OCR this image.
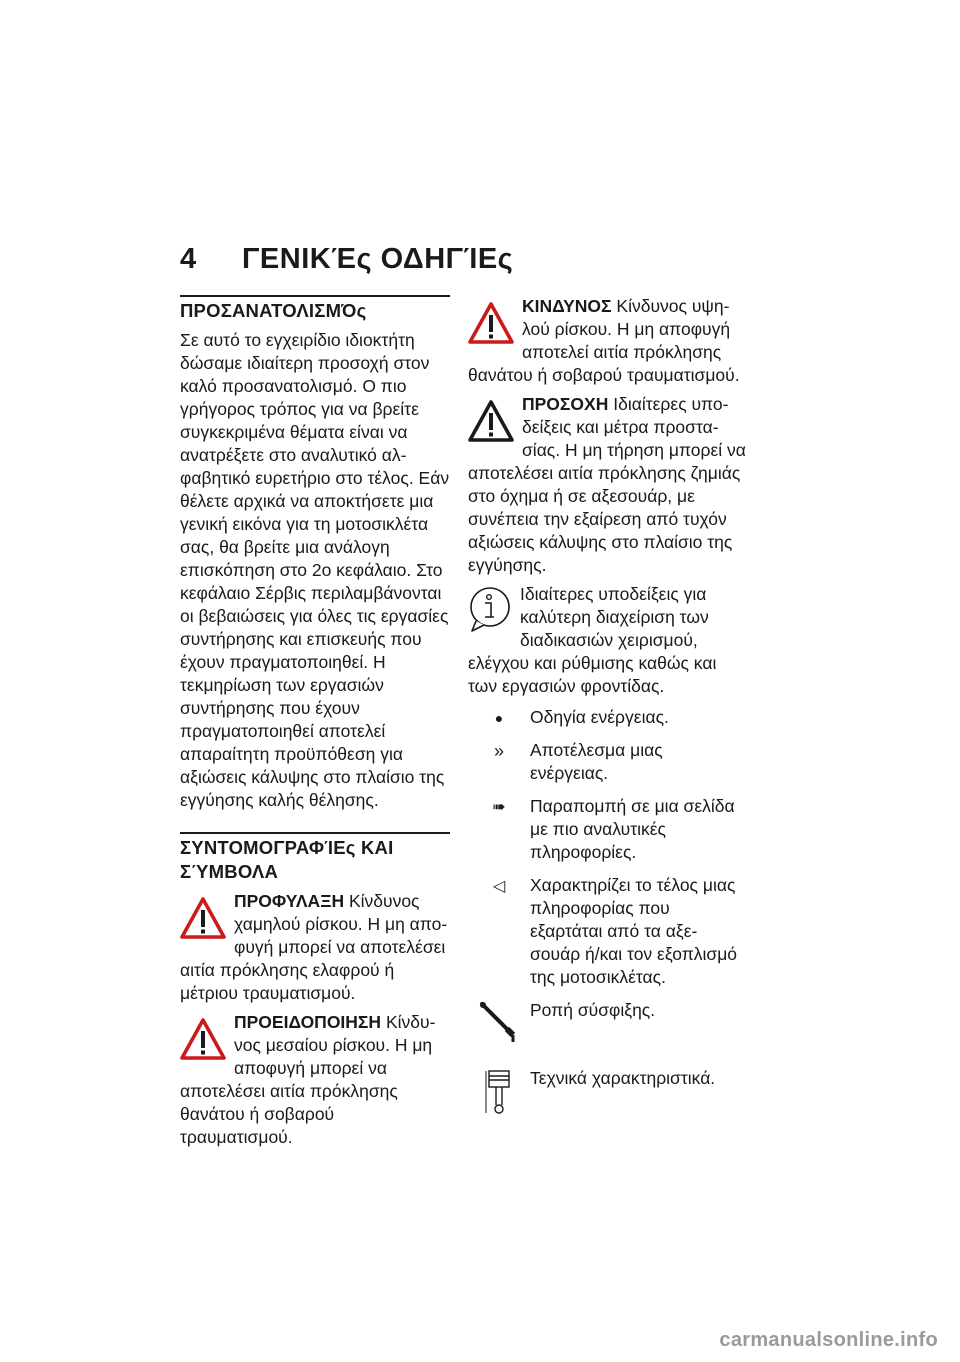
4 ΓΕΝΙΚΈς ΟΔΗΓΊΕς
ΠΡΟΣΑΝΑΤΟΛΙΣΜΌς

Σε αυτό το εγχειρίδιο ιδιοκτήτη δώσαμε ιδιαίτερη προσοχή στον καλό προσανατολισμό. Ο πιο γρήγορος τρόπος για να βρείτε συγκεκριμένα θέματα είναι να ανατρέξετε στο αναλυτικό αλφαβητικό ευρετήριο στο τέλος. Εάν θέλετε αρχικά να αποκτήσετε μια γενική εικόνα για τη μοτοσικλέτα σας, θα βρείτε μια ανάλογη επισκόπηση στο 2ο κεφάλαιο. Στο κεφάλαιο Σέρβις περιλαμβάνονται οι βεβαιώσεις για όλες τις εργασίες συντήρησης και επισκευής που έχουν πραγματοποιηθεί. Η τεκμηρίωση των εργασιών συντήρησης που έχουν πραγματοποιηθεί αποτελεί απαραίτητη προϋπόθεση για αξιώσεις κάλυψης στο πλαίσιο της εγγύησης καλής θέλησης.

ΣΥΝΤΟΜΟΓΡΑΦΊΕς ΚΑΙ ΣΎΜΒΟΛΑ
ΠΡΟΦΥΛΑΞΗ Κίνδυνος χαμηλού ρίσκου. Η μη αποφυγή μπορεί να αποτελέσει αιτία πρόκλησης ελαφρού ή μέτριου τραυματισμού.
ΠΡΟΕΙΔΟΠΟΙΗΣΗ Κίνδυνος μεσαίου ρίσκου. Η μη αποφυγή μπορεί να αποτελέσει αιτία πρόκλησης θανάτου ή σοβαρού τραυματισμού.
ΚΙΝΔΥΝΟΣ Κίνδυνος υψηλού ρίσκου. Η μη αποφυγή αποτελεί αιτία πρόκλησης θανάτου ή σοβαρού τραυματισμού.
ΠΡΟΣΟΧΗ Ιδιαίτερες υποδείξεις και μέτρα προστασίας. Η μη τήρηση μπορεί να αποτελέσει αιτία πρόκλησης ζημιάς στο όχημα ή σε αξεσουάρ, με συνέπεια την εξαίρεση από τυχόν αξιώσεις κάλυψης στο πλαίσιο της εγγύησης.
Ιδιαίτερες υποδείξεις για καλύτερη διαχείριση των διαδικασιών χειρισμού, ελέγχου και ρύθμισης καθώς και των εργασιών φροντίδας.
●	Οδηγία ενέργειας.
»	Αποτέλεσμα μιας ενέργειας.
➠	Παραπομπή σε μια σελίδα με πιο αναλυτικές πληροφορίες.
◁	Χαρακτηρίζει το τέλος μιας πληροφορίας που εξαρτάται από τα αξεσουάρ ή/και τον εξοπλισμό της μοτοσικλέτας.
Ροπή σύσφιξης.
Τεχνικά χαρακτηριστικά.
carmanualsonline.info
